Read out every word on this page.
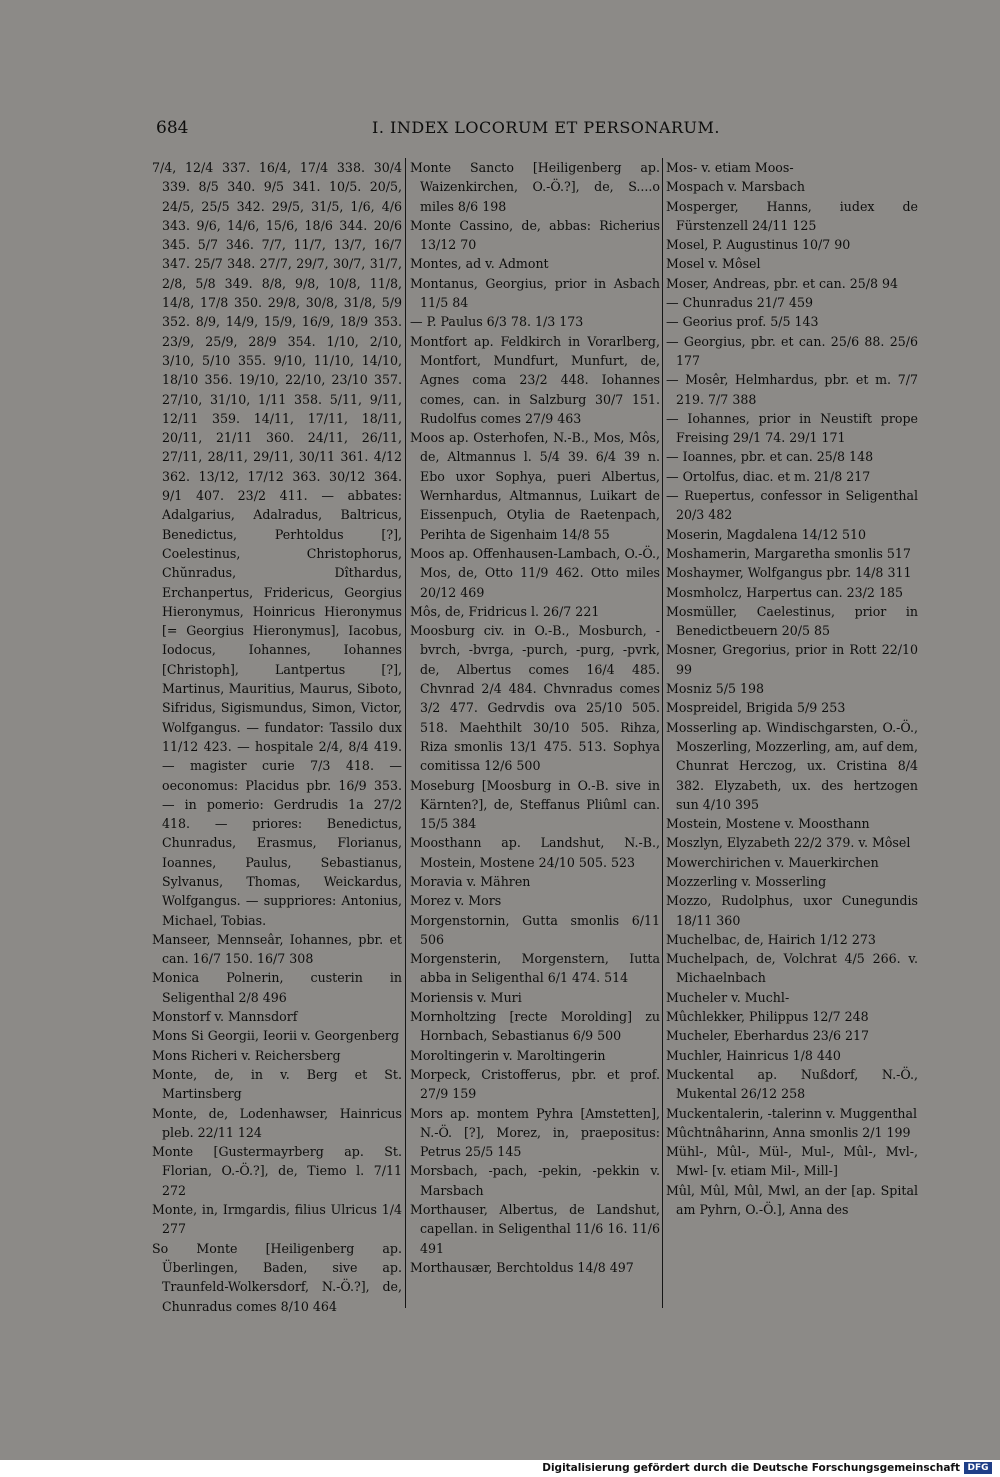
684	I. INDEX LOCORUM ET PERSONARUM.
7/4, 12/4 337. 16/4, 17/4 338. 30/4 339. 8/5 340. 9/5 341. 10/5. 20/5, 24/5, 25/5 342. 29/5, 31/5, 1/6, 4/6 343. 9/6, 14/6, 15/6, 18/6 344. 20/6 345. 5/7 346. 7/7, 11/7, 13/7, 16/7 347. 25/7 348. 27/7, 29/7, 30/7, 31/7, 2/8, 5/8 349. 8/8, 9/8, 10/8, 11/8, 14/8, 17/8 350. 29/8, 30/8, 31/8, 5/9 352. 8/9, 14/9, 15/9, 16/9, 18/9 353. 23/9, 25/9, 28/9 354. 1/10, 2/10, 3/10, 5/10 355. 9/10, 11/10, 14/10, 18/10 356. 19/10, 22/10, 23/10 357. 27/10, 31/10, 1/11 358. 5/11, 9/11, 12/11 359. 14/11, 17/11, 18/11, 20/11, 21/11 360. 24/11, 26/11, 27/11, 28/11, 29/11, 30/11 361. 4/12 362. 13/12, 17/12 363. 30/12 364. 9/1 407. 23/2 411. — abbates: Adalgarius, Adalradus, Baltricus, Benedictus, Perhtoldus [?], Coelestinus, Christophorus, Chŭnradus, Dîthardus, Erchanpertus, Fridericus, Georgius Hieronymus, Hoinricus Hieronymus [= Georgius Hieronymus], Iacobus, Iodocus, Iohannes, Iohannes [Christoph], Lantpertus [?], Martinus, Mauritius, Maurus, Siboto, Sifridus, Sigismundus, Simon, Victor, Wolfgangus. — fundator: Tassilo dux 11/12 423. — hospitale 2/4, 8/4 419. — magister curie 7/3 418. — oeconomus: Placidus pbr. 16/9 353. — in pomerio: Gerdrudis 1a 27/2 418. — priores: Benedictus, Chunradus, Erasmus, Florianus, Ioannes, Paulus, Sebastianus, Sylvanus, Thomas, Weickardus, Wolfgangus. — suppriores: Antonius, Michael, Tobias.
Manseer, Mennseâr, Iohannes, pbr. et can. 16/7 150. 16/7 308
Monica Polnerin, custerin in Seligenthal 2/8 496
Monstorf v. Mannsdorf
Mons Si Georgii, Ieorii v. Georgenberg
Mons Richeri v. Reichersberg
Monte, de, in v. Berg et St. Martinsberg
Monte, de, Lodenhawser, Hainricus pleb. 22/11 124
Monte [Gustermayrberg ap. St. Florian, O.-Ö.?], de, Tiemo l. 7/11 272
Monte, in, Irmgardis, filius Ulricus 1/4 277
So Monte [Heiligenberg ap. Überlingen, Baden, sive ap. Traunfeld-Wolkersdorf, N.-Ö.?], de, Chunradus comes 8/10 464
Monte Sancto [Heiligenberg ap. Waizenkirchen, O.-Ö.?], de, S....o miles 8/6 198
Monte Cassino, de, abbas: Richerius 13/12 70
Montes, ad v. Admont
Montanus, Georgius, prior in Asbach 11/5 84
— P. Paulus 6/3 78. 1/3 173
Montfort ap. Feldkirch in Vorarlberg, Montfort, Mundfurt, Munfurt, de, Agnes coma 23/2 448. Iohannes comes, can. in Salzburg 30/7 151. Rudolfus comes 27/9 463
Moos ap. Osterhofen, N.-B., Mos, Môs, de, Altmannus l. 5/4 39. 6/4 39 n. Ebo uxor Sophya, pueri Albertus, Wernhardus, Altmannus, Luikart de Eissenpuch, Otylia de Raetenpach, Perihta de Sigenhaim 14/8 55
Moos ap. Offenhausen-Lambach, O.-Ö., Mos, de, Otto 11/9 462. Otto miles 20/12 469
Môs, de, Fridricus l. 26/7 221
Moosburg civ. in O.-B., Mosburch, -bvrch, -bvrga, -purch, -purg, -pvrk, de, Albertus comes 16/4 485. Chvnrad 2/4 484. Chvnradus comes 3/2 477. Gedrvdis ova 25/10 505. 518. Maehthilt 30/10 505. Rihza, Riza smonlis 13/1 475. 513. Sophya comitissa 12/6 500
Moseburg [Moosburg in O.-B. sive in Kärnten?], de, Steffanus Pliûml can. 15/5 384
Moosthann ap. Landshut, N.-B., Mostein, Mostene 24/10 505. 523
Moravia v. Mähren
Morez v. Mors
Morgenstornin, Gutta smonlis 6/11 506
Morgensterin, Morgenstern, Iutta abba in Seligenthal 6/1 474. 514
Moriensis v. Muri
Mornholtzing [recte Morolding] zu Hornbach, Sebastianus 6/9 500
Moroltingerin v. Maroltingerin
Morpeck, Cristofferus, pbr. et prof. 27/9 159
Mors ap. montem Pyhra [Amstetten], N.-Ö. [?], Morez, in, praepositus: Petrus 25/5 145
Morsbach, -pach, -pekin, -pekkin v. Marsbach
Morthauser, Albertus, de Landshut, capellan. in Seligenthal 11/6 16. 11/6 491
Morthausær, Berchtoldus 14/8 497
Mos- v. etiam Moos-
Mospach v. Marsbach
Mosperger, Hanns, iudex de Fürstenzell 24/11 125
Mosel, P. Augustinus 10/7 90
Mosel v. Môsel
Moser, Andreas, pbr. et can. 25/8 94
— Chunradus 21/7 459
— Georius prof. 5/5 143
— Georgius, pbr. et can. 25/6 88. 25/6 177
— Mosêr, Helmhardus, pbr. et m. 7/7 219. 7/7 388
— Iohannes, prior in Neustift prope Freising 29/1 74. 29/1 171
— Ioannes, pbr. et can. 25/8 148
— Ortolfus, diac. et m. 21/8 217
— Ruepertus, confessor in Seligenthal 20/3 482
Moserin, Magdalena 14/12 510
Moshamerin, Margaretha smonlis 517
Moshaymer, Wolfgangus pbr. 14/8 311
Mosmholcz, Harpertus can. 23/2 185
Mosmüller, Caelestinus, prior in Benedictbeuern 20/5 85
Mosner, Gregorius, prior in Rott 22/10 99
Mosniz 5/5 198
Mospreidel, Brigida 5/9 253
Mosserling ap. Windischgarsten, O.-Ö., Moszerling, Mozzerling, am, auf dem, Chunrat Herczog, ux. Cristina 8/4 382. Elyzabeth, ux. des hertzogen sun 4/10 395
Mostein, Mostene v. Moosthann
Moszlyn, Elyzabeth 22/2 379. v. Môsel
Mowerchirichen v. Mauerkirchen
Mozzerling v. Mosserling
Mozzo, Rudolphus, uxor Cunegundis 18/11 360
Muchelbac, de, Hairich 1/12 273
Muchelpach, de, Volchrat 4/5 266. v. Michaelnbach
Mucheler v. Muchl-
Mûchlekker, Philippus 12/7 248
Mucheler, Eberhardus 23/6 217
Muchler, Hainricus 1/8 440
Muckental ap. Nußdorf, N.-Ö., Mukental 26/12 258
Muckentalerin, -talerinn v. Muggenthal
Mûchtnâharinn, Anna smonlis 2/1 199
Mühl-, Mûl-, Mül-, Mul-, Mûl-, Mvl-, Mwl- [v. etiam Mil-, Mill-]
Mûl, Mûl, Mûl, Mwl, an der [ap. Spital am Pyhrn, O.-Ö.], Anna des
Digitalisierung gefördert durch die Deutsche Forschungsgemeinschaft DFG
